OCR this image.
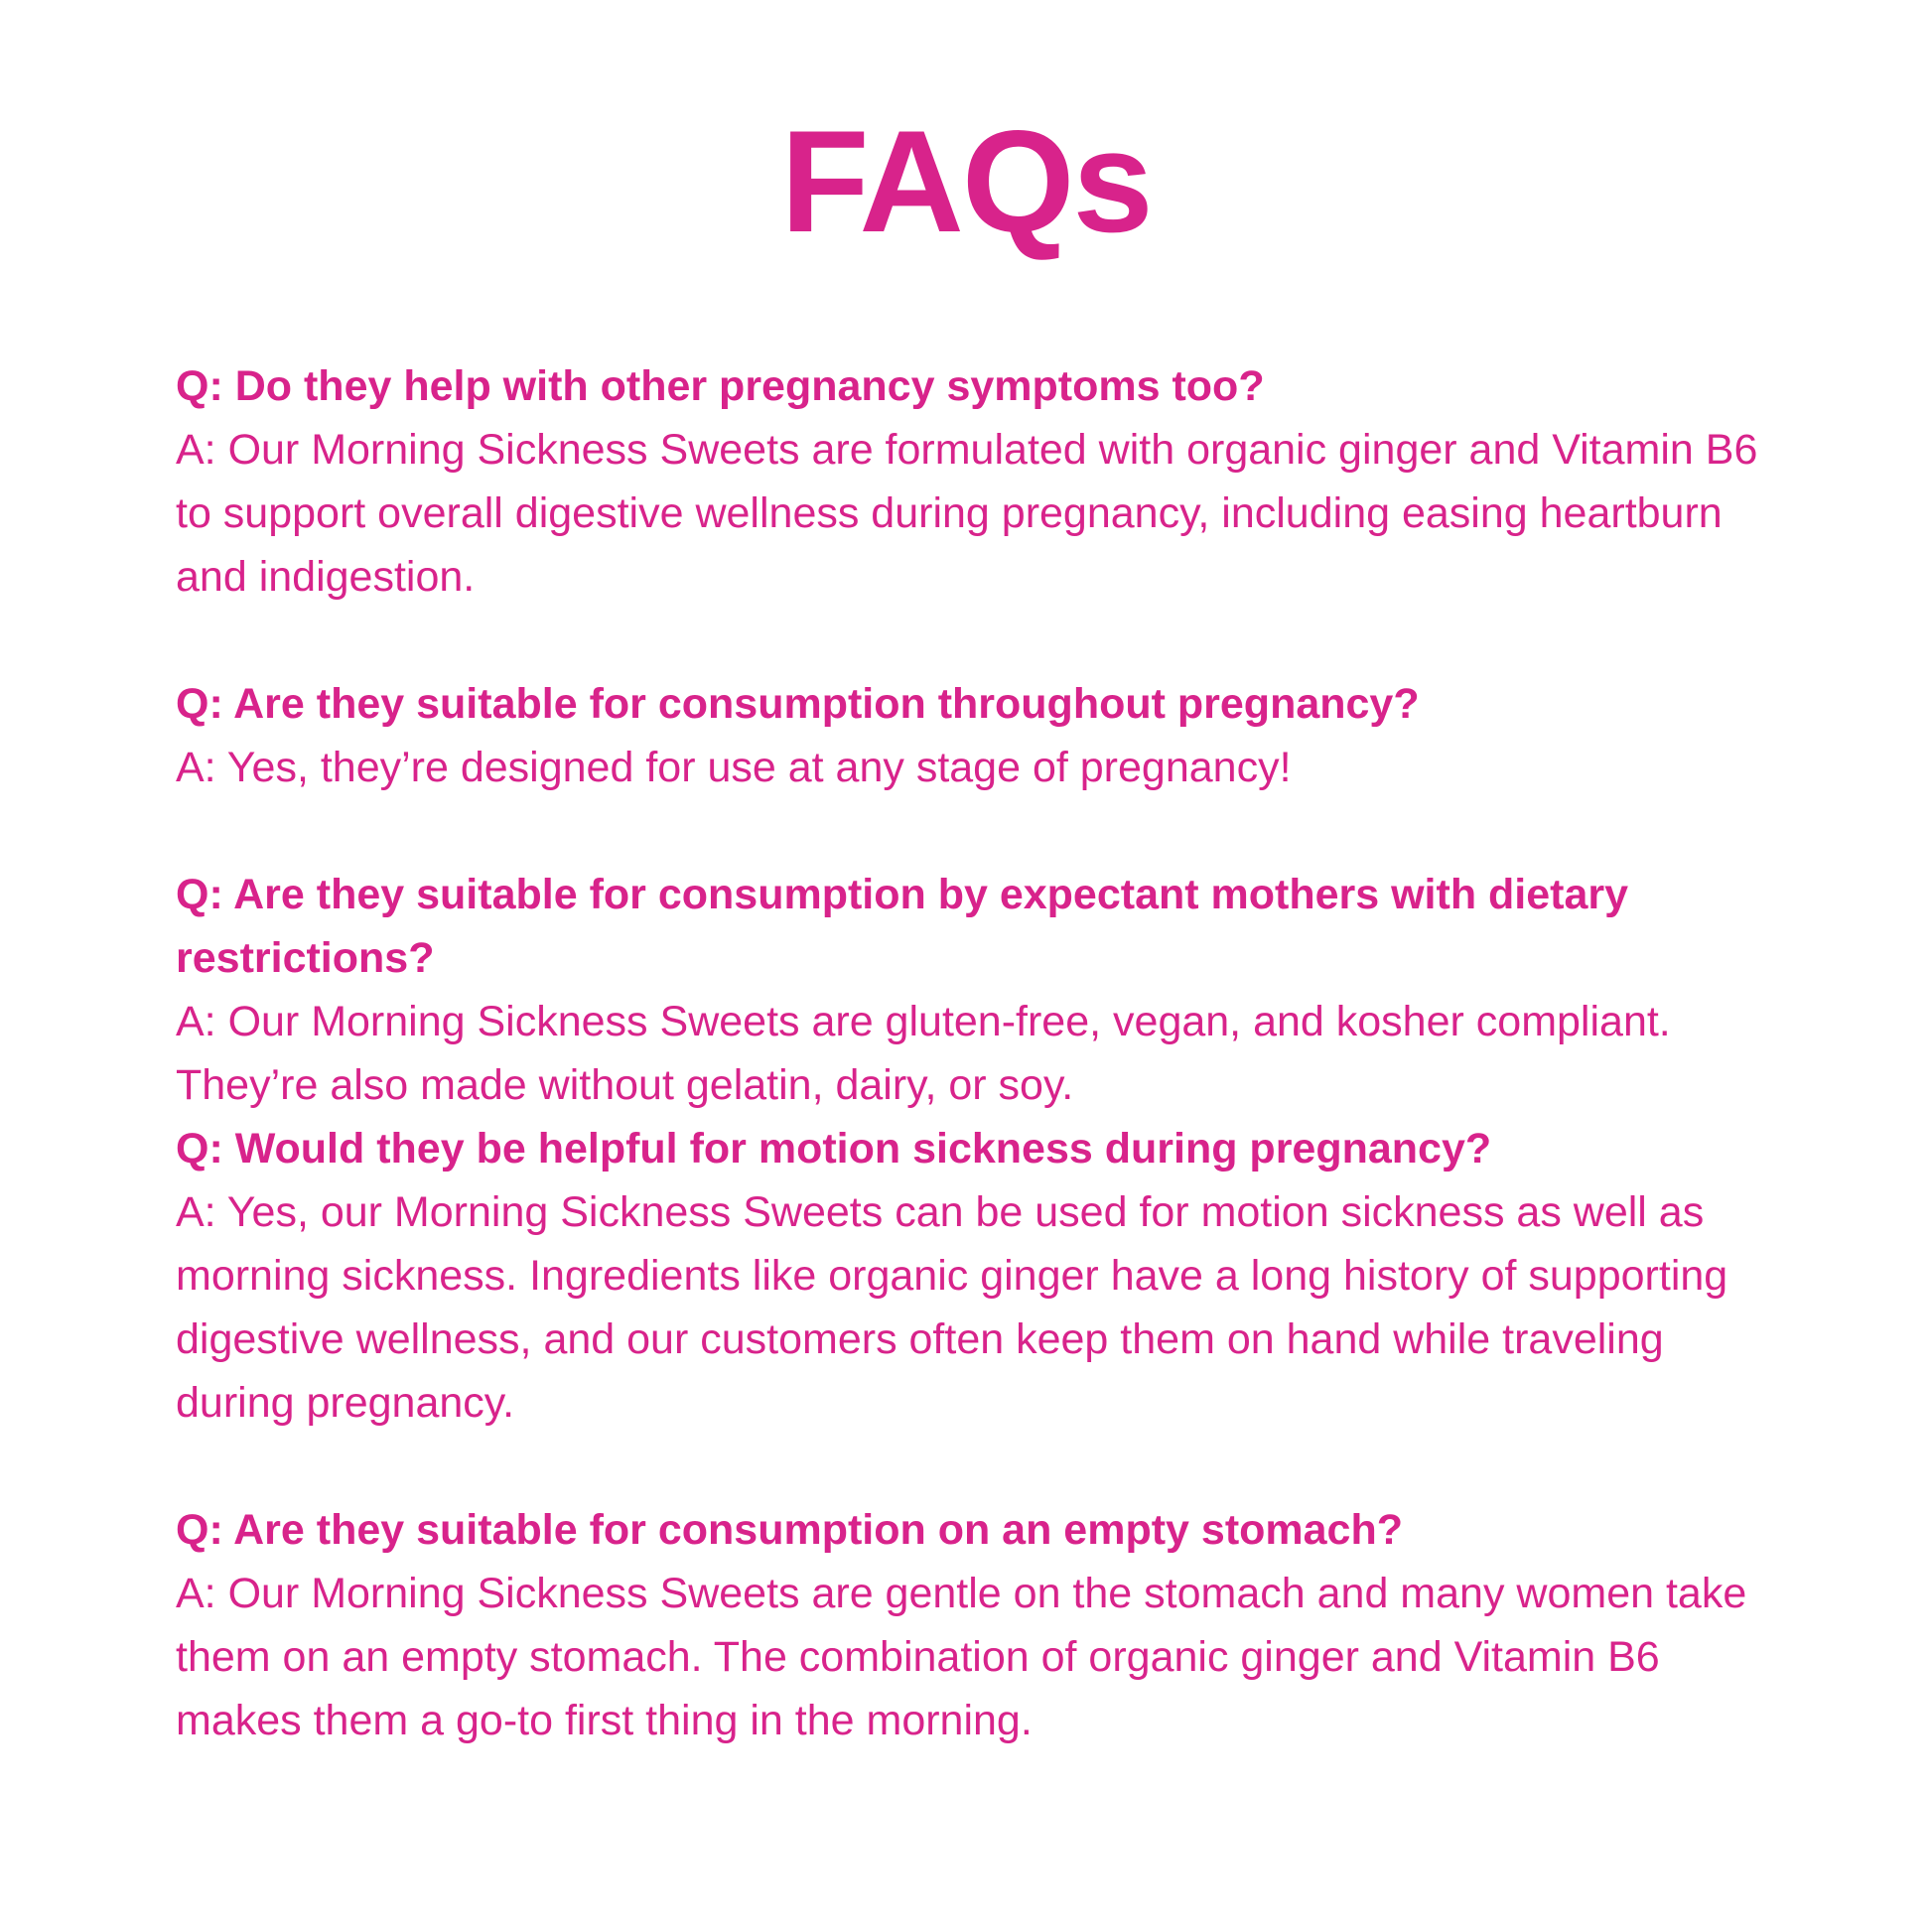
FAQs
Q: Do they help with other pregnancy symptoms too?
A: Our Morning Sickness Sweets are formulated with organic ginger and Vitamin B6 to support overall digestive wellness during pregnancy, including easing heartburn and indigestion.
Q: Are they suitable for consumption throughout pregnancy?
A: Yes, they’re designed for use at any stage of pregnancy!
Q: Are they suitable for consumption by expectant mothers with dietary restrictions?
A: Our Morning Sickness Sweets are gluten-free, vegan, and kosher compliant. They’re also made without gelatin, dairy, or soy.
Q: Would they be helpful for motion sickness during pregnancy?
A: Yes, our Morning Sickness Sweets can be used for motion sickness as well as morning sickness. Ingredients like organic ginger have a long history of supporting digestive wellness, and our customers often keep them on hand while traveling during pregnancy.
Q: Are they suitable for consumption on an empty stomach?
A: Our Morning Sickness Sweets are gentle on the stomach and many women take them on an empty stomach. The combination of organic ginger and Vitamin B6 makes them a go-to first thing in the morning.
